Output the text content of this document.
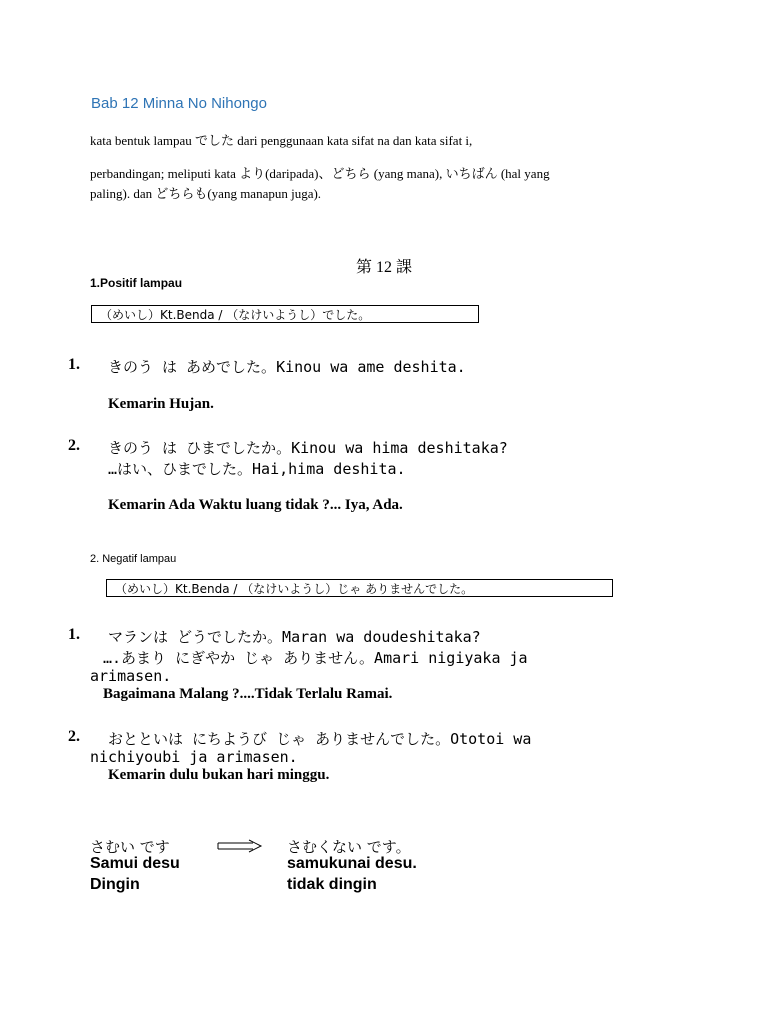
Bab 12 Minna No Nihongo
kata bentuk lampau でした dari penggunaan kata sifat na dan kata sifat i,
perbandingan; meliputi kata より(daripada)、どちら (yang mana), いちばん (hal yang
paling). dan どちらも(yang manapun juga).
第 12 課
1.Positif lampau
（めいし）Kt.Benda / （なけいようし）でした。
1. きのう は あめでした。Kinou wa ame deshita.
Kemarin Hujan.
2. きのう は ひまでしたか。Kinou wa hima deshitaka?
…はい、ひまでした。Hai,hima deshita.
Kemarin Ada Waktu luang tidak ?... Iya, Ada.
2. Negatif lampau
（めいし）Kt.Benda / （なけいようし）じゃ ありませんでした。
1. マランは どうでしたか。Maran wa doudeshitaka?
….あまり にぎやか じゃ ありません。Amari nigiyaka ja
arimasen.
Bagaimana Malang ?....Tidak Terlalu Ramai.
2. おとといは にちようび じゃ ありませんでした。Ototoi wa
nichiyoubi ja arimasen.
Kemarin dulu bukan hari minggu.
さむい です
Samui desu
Dingin
さむくない です。
samukunai desu.
tidak dingin
